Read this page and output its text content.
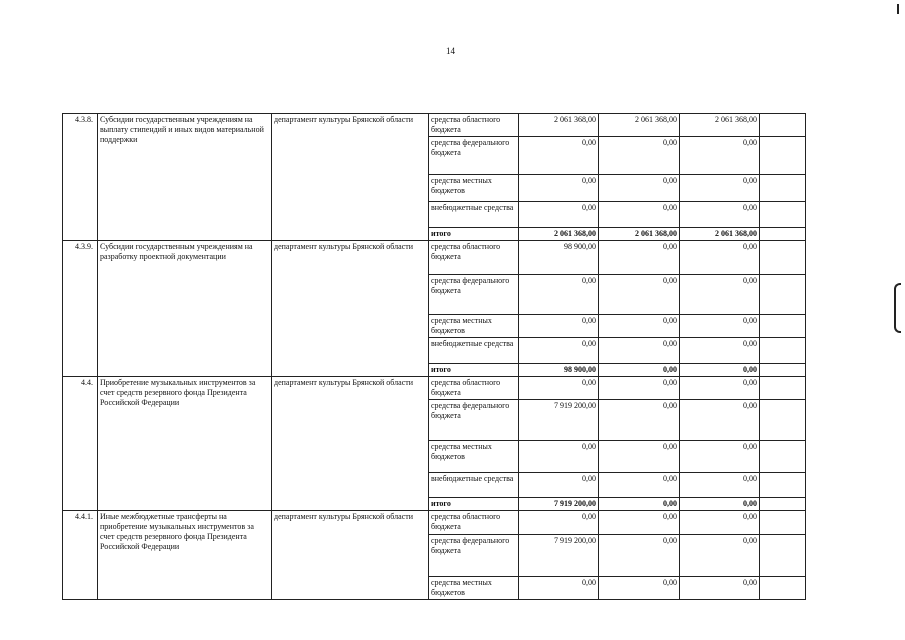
14
4.3.8.	Субсидии государственным учреждениям на выплату стипендий и иных видов материальной поддержки	департамент культуры Брянской области	средства областного бюджета	2 061 368,00	2 061 368,00	2 061 368,00	
			средства федерального бюджета	0,00	0,00	0,00	
			средства местных бюджетов	0,00	0,00	0,00	
			внебюджетные средства	0,00	0,00	0,00	
			итого	2 061 368,00	2 061 368,00	2 061 368,00	
4.3.9.	Субсидии государственным учреждениям на разработку проектной документации	департамент культуры Брянской области	средства областного бюджета	98 900,00	0,00	0,00	
			средства федерального бюджета	0,00	0,00	0,00	
			средства местных бюджетов	0,00	0,00	0,00	
			внебюджетные средства	0,00	0,00	0,00	
			итого	98 900,00	0,00	0,00	
4.4.	Приобретение музыкальных инструментов за счет средств резервного фонда Президента Российской Федерации	департамент культуры Брянской области	средства областного бюджета	0,00	0,00	0,00	
			средства федерального бюджета	7 919 200,00	0,00	0,00	
			средства местных бюджетов	0,00	0,00	0,00	
			внебюджетные средства	0,00	0,00	0,00	
			итого	7 919 200,00	0,00	0,00	
4.4.1.	Иные межбюджетные трансферты на приобретение музыкальных инструментов за счет средств резервного фонда Президента Российской Федерации	департамент культуры Брянской области	средства областного бюджета	0,00	0,00	0,00	
			средства федерального бюджета	7 919 200,00	0,00	0,00	
			средства местных бюджетов	0,00	0,00	0,00	
